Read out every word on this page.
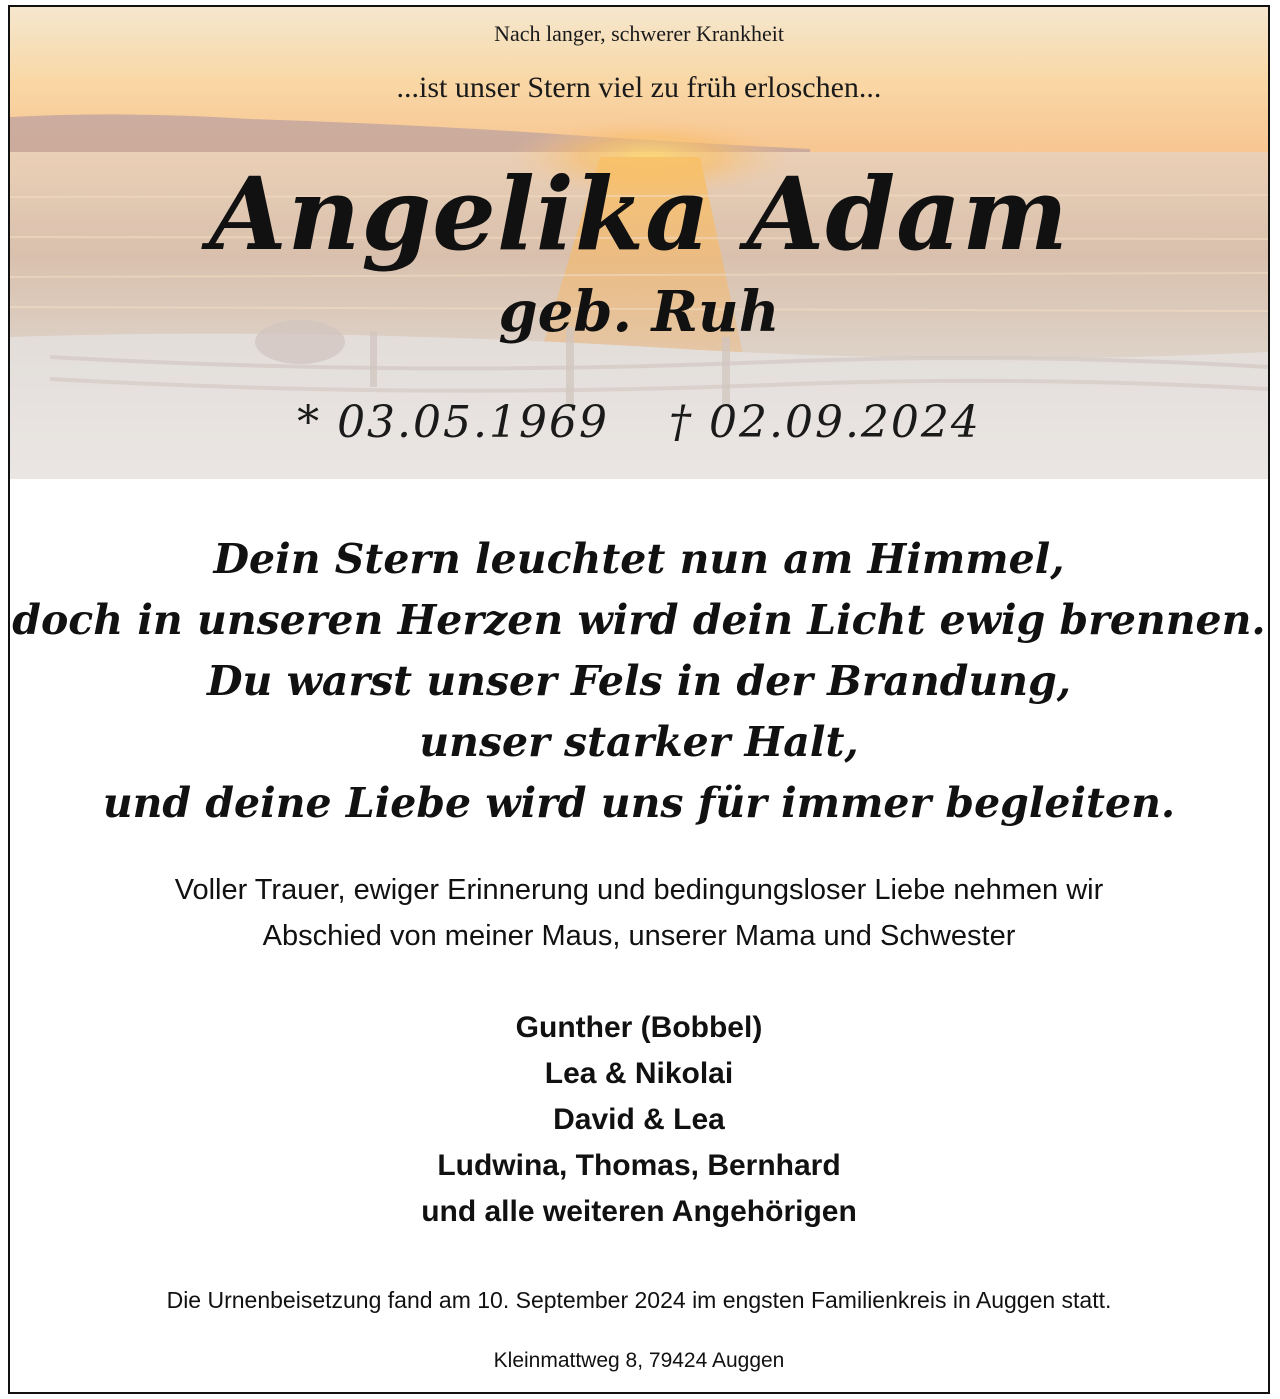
Nach langer, schwerer Krankheit
...ist unser Stern viel zu früh erloschen...
Angelika Adam
geb. Ruh
* 03.05.1969 † 02.09.2024
Dein Stern leuchtet nun am Himmel,
doch in unseren Herzen wird dein Licht ewig brennen.
Du warst unser Fels in der Brandung,
unser starker Halt,
und deine Liebe wird uns für immer begleiten.
Voller Trauer, ewiger Erinnerung und bedingungsloser Liebe nehmen wir
Abschied von meiner Maus, unserer Mama und Schwester
Gunther (Bobbel)
Lea & Nikolai
David & Lea
Ludwina, Thomas, Bernhard
und alle weiteren Angehörigen
Die Urnenbeisetzung fand am 10. September 2024 im engsten Familienkreis in Auggen statt.
Kleinmattweg 8, 79424 Auggen
